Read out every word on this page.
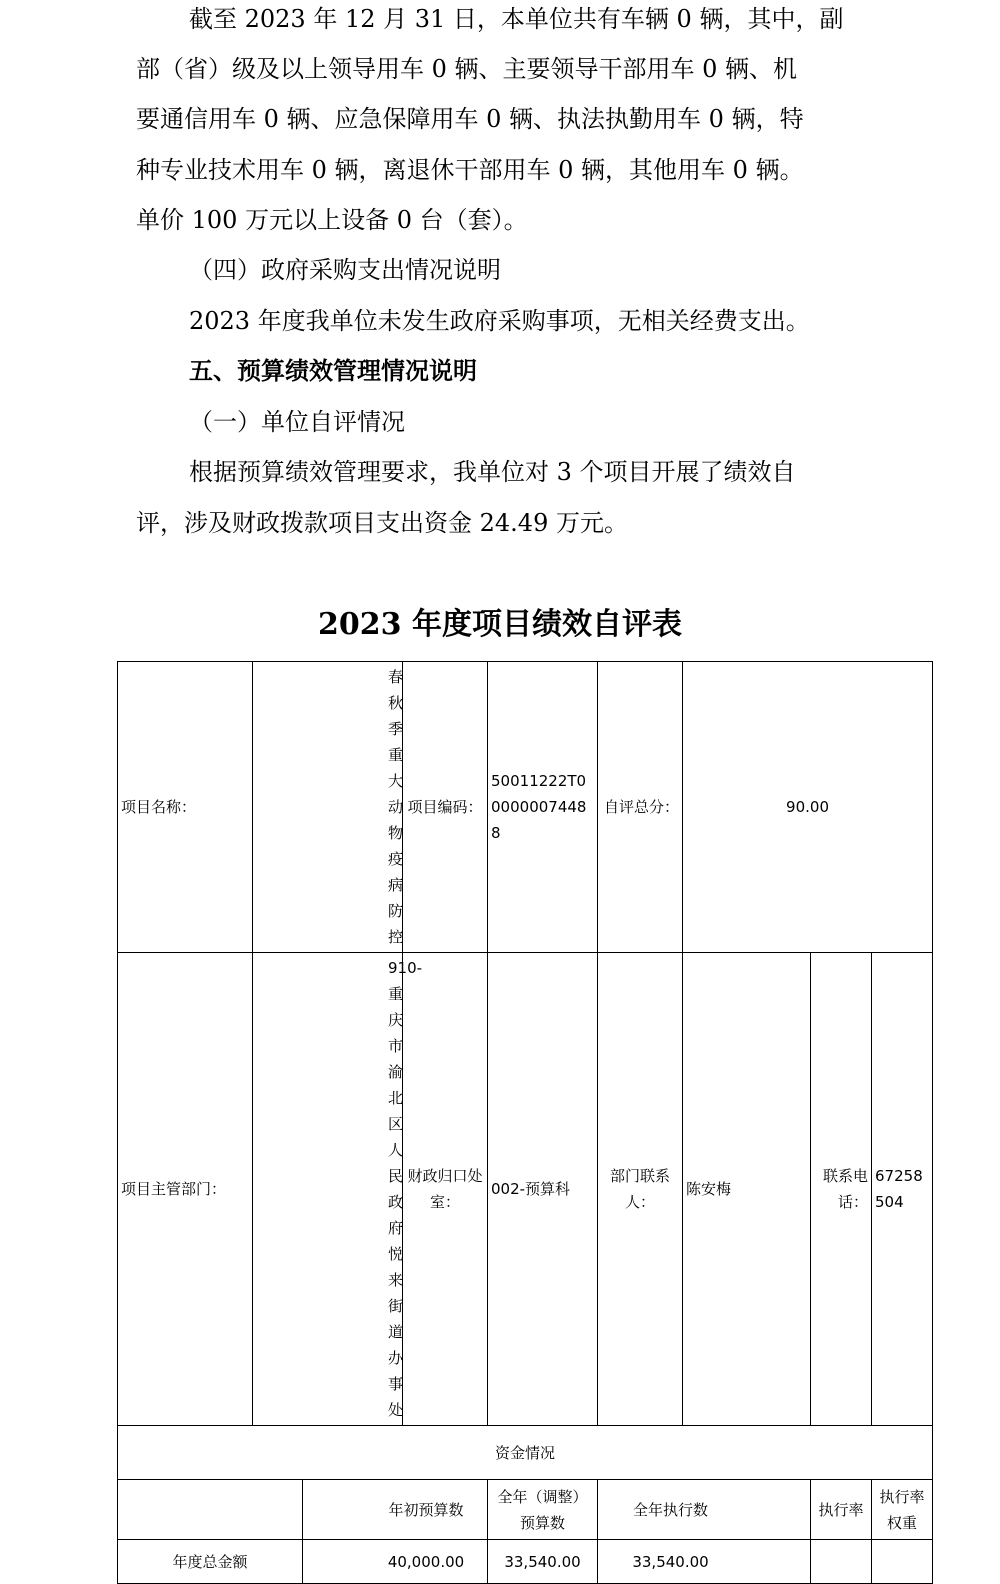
截至 2023 年 12 月 31 日，本单位共有车辆 0 辆，其中，副
部（省）级及以上领导用车 0 辆、主要领导干部用车 0 辆、机
要通信用车 0 辆、应急保障用车 0 辆、执法执勤用车 0 辆，特
种专业技术用车 0 辆，离退休干部用车 0 辆，其他用车 0 辆。
单价 100 万元以上设备 0 台（套）。
（四）政府采购支出情况说明
2023 年度我单位未发生政府采购事项，无相关经费支出。
五、预算绩效管理情况说明
（一）单位自评情况
根据预算绩效管理要求，我单位对 3 个项目开展了绩效自
评，涉及财政拨款项目支出资金 24.49 万元。
2023 年度项目绩效自评表
项目名称：	春秋季重大动物疫病防控		项目编码：	50011222T000000074488	自评总分：	90.00		
项目主管部门：	910-重庆市渝北区人民政府悦来街道办事处		财政归口处室：	002-预算科	部门联系人：	陈安梅	联系电话：	67258504
资金情况								
		年初预算数		全年（调整）预算数	全年执行数		执行率	执行率权重
年度总金额		40,000.00		33,540.00	33,540.00			
